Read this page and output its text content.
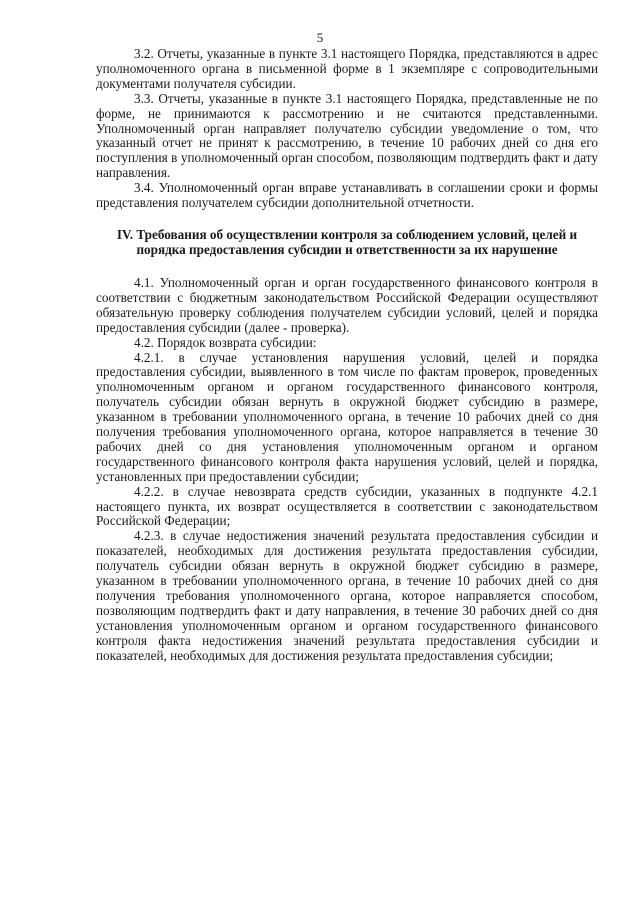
5

3.2. Отчеты, указанные в пункте 3.1 настоящего Порядка, представляются в адрес уполномоченного органа в письменной форме в 1 экземпляре с сопроводительными документами получателя субсидии.

3.3. Отчеты, указанные в пункте 3.1 настоящего Порядка, представленные не по форме, не принимаются к рассмотрению и не считаются представленными. Уполномоченный орган направляет получателю субсидии уведомление о том, что указанный отчет не принят к рассмотрению, в течение 10 рабочих дней со дня его поступления в уполномоченный орган способом, позволяющим подтвердить факт и дату направления.

3.4. Уполномоченный орган вправе устанавливать в соглашении сроки и формы представления получателем субсидии дополнительной отчетности.

IV. Требования об осуществлении контроля за соблюдением условий, целей и порядка предоставления субсидии и ответственности за их нарушение

4.1. Уполномоченный орган и орган государственного финансового контроля в соответствии с бюджетным законодательством Российской Федерации осуществляют обязательную проверку соблюдения получателем субсидии условий, целей и порядка предоставления субсидии (далее - проверка).

4.2. Порядок возврата субсидии:

4.2.1. в случае установления нарушения условий, целей и порядка предоставления субсидии, выявленного в том числе по фактам проверок, проведенных уполномоченным органом и органом государственного финансового контроля, получатель субсидии обязан вернуть в окружной бюджет субсидию в размере, указанном в требовании уполномоченного органа, в течение 10 рабочих дней со дня получения требования уполномоченного органа, которое направляется в течение 30 рабочих дней со дня установления уполномоченным органом и органом государственного финансового контроля факта нарушения условий, целей и порядка, установленных при предоставлении субсидии;

4.2.2. в случае невозврата средств субсидии, указанных в подпункте 4.2.1 настоящего пункта, их возврат осуществляется в соответствии с законодательством Российской Федерации;

4.2.3. в случае недостижения значений результата предоставления субсидии и показателей, необходимых для достижения результата предоставления субсидии, получатель субсидии обязан вернуть в окружной бюджет субсидию в размере, указанном в требовании уполномоченного органа, в течение 10 рабочих дней со дня получения требования уполномоченного органа, которое направляется способом, позволяющим подтвердить факт и дату направления, в течение 30 рабочих дней со дня установления уполномоченным органом и органом государственного финансового контроля факта недостижения значений результата предоставления субсидии и показателей, необходимых для достижения результата предоставления субсидии;
